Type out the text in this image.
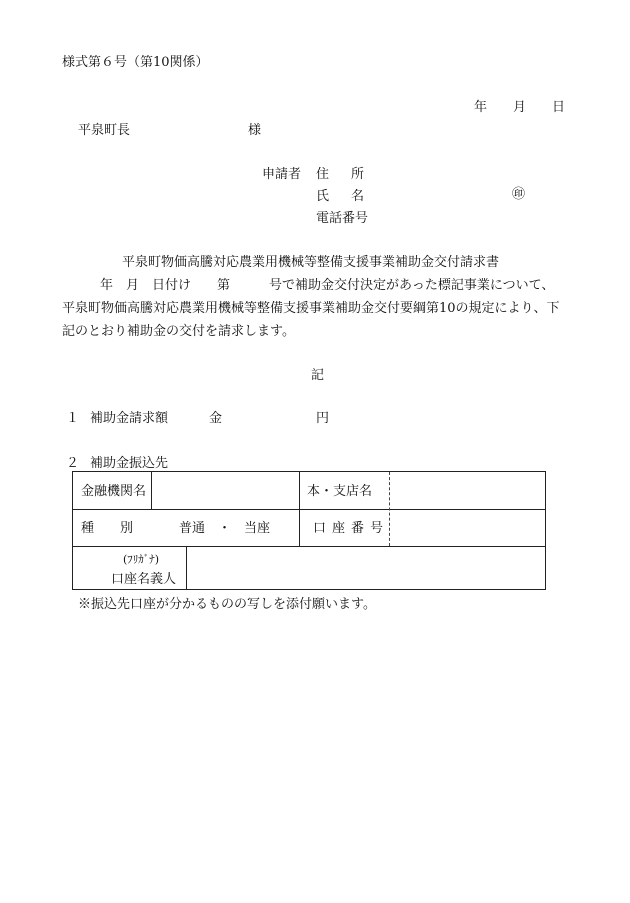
様式第６号（第10関係）
年 月 日
平泉町長	様
申請者 住所
氏名	㊞
電話番号
平泉町物価高騰対応農業用機械等整備支援事業補助金交付請求書
年　月　日付け　　第　　　号で補助金交付決定があった標記事業について、
平泉町物価高騰対応農業用機械等整備支援事業補助金交付要綱第10の規定により、下
記のとおり補助金の交付を請求します。
記
１ 補助金請求額	金	円
２ 補助金振込先
金融機関名	本・支店名
種　　別	普通　・　当座	口座番号
(ﾌﾘｶﾞﾅ)
口座名義人
※振込先口座が分かるものの写しを添付願います。
